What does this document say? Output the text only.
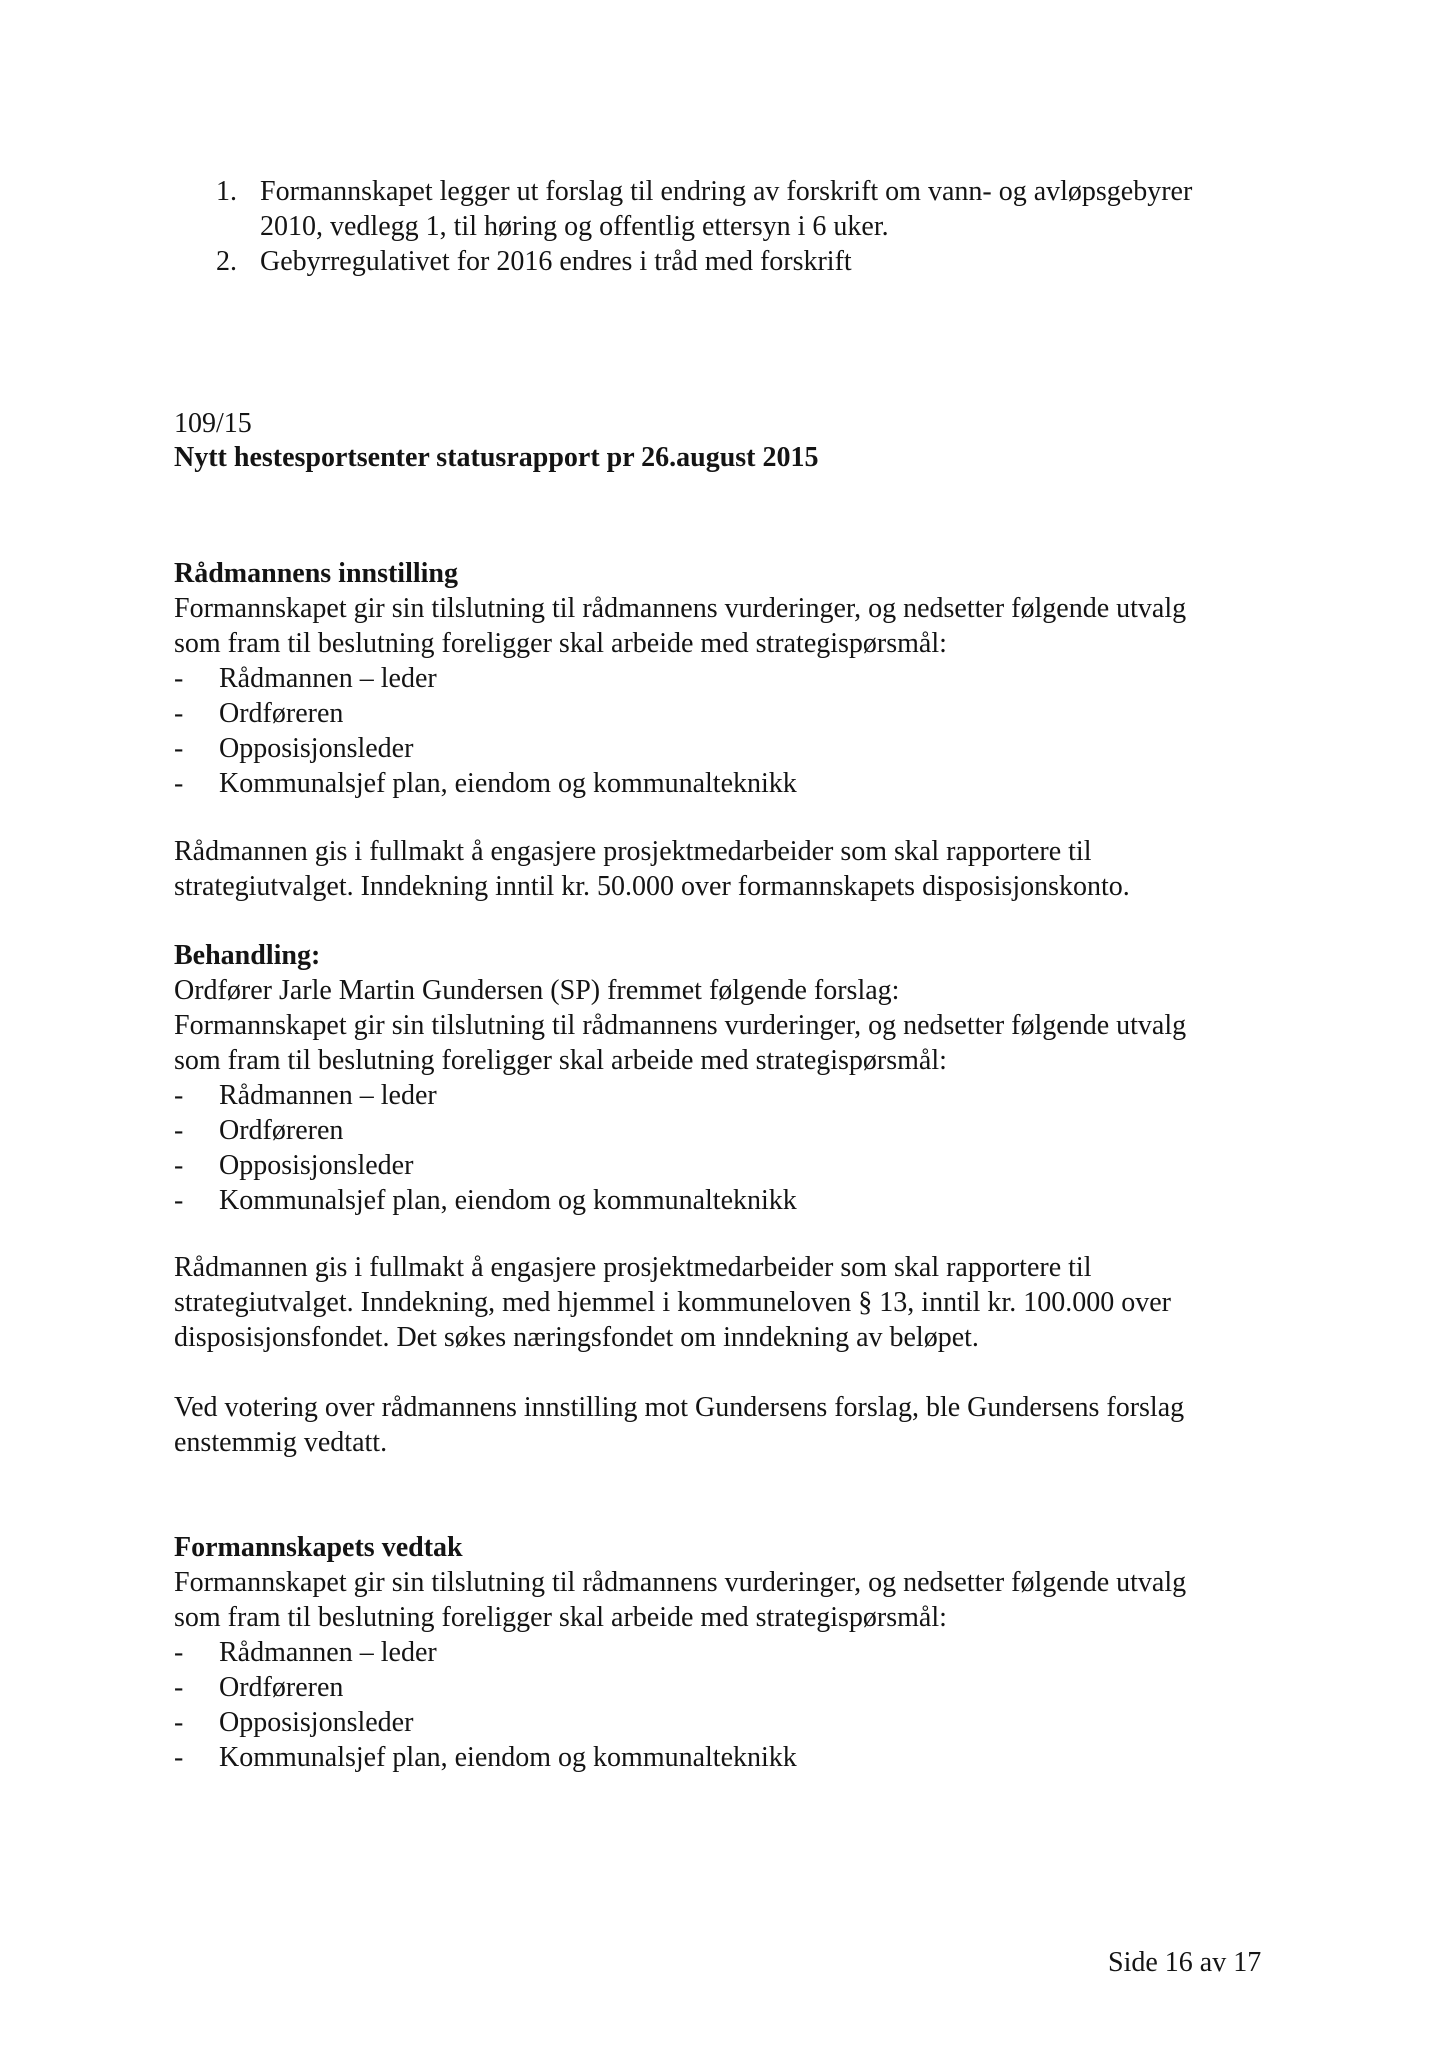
1. Formannskapet legger ut forslag til endring av forskrift om vann- og avløpsgebyrer
2010, vedlegg 1, til høring og offentlig ettersyn i 6 uker.
2. Gebyrregulativet for 2016 endres i tråd med forskrift
109/15
Nytt hestesportsenter statusrapport pr 26.august 2015

Rådmannens innstilling

Formannskapet gir sin tilslutning til rådmannens vurderinger, og nedsetter følgende utvalg

som fram til beslutning foreligger skal arbeide med strategispørsmål:

- Rådmannen – leder
- Ordføreren
- Opposisjonsleder
- Kommunalsjef plan, eiendom og kommunalteknikk

Rådmannen gis i fullmakt å engasjere prosjektmedarbeider som skal rapportere til

strategiutvalget. Inndekning inntil kr. 50.000 over formannskapets disposisjonskonto.

Behandling:

Ordfører Jarle Martin Gundersen (SP) fremmet følgende forslag:

Formannskapet gir sin tilslutning til rådmannens vurderinger, og nedsetter følgende utvalg

som fram til beslutning foreligger skal arbeide med strategispørsmål:

- Rådmannen – leder
- Ordføreren
- Opposisjonsleder
- Kommunalsjef plan, eiendom og kommunalteknikk

Rådmannen gis i fullmakt å engasjere prosjektmedarbeider som skal rapportere til

strategiutvalget. Inndekning, med hjemmel i kommuneloven § 13, inntil kr. 100.000 over

disposisjonsfondet. Det søkes næringsfondet om inndekning av beløpet.

Ved votering over rådmannens innstilling mot Gundersens forslag, ble Gundersens forslag

enstemmig vedtatt.

Formannskapets vedtak

Formannskapet gir sin tilslutning til rådmannens vurderinger, og nedsetter følgende utvalg

som fram til beslutning foreligger skal arbeide med strategispørsmål:

- Rådmannen – leder
- Ordføreren
- Opposisjonsleder
- Kommunalsjef plan, eiendom og kommunalteknikk
Side 16 av 17
